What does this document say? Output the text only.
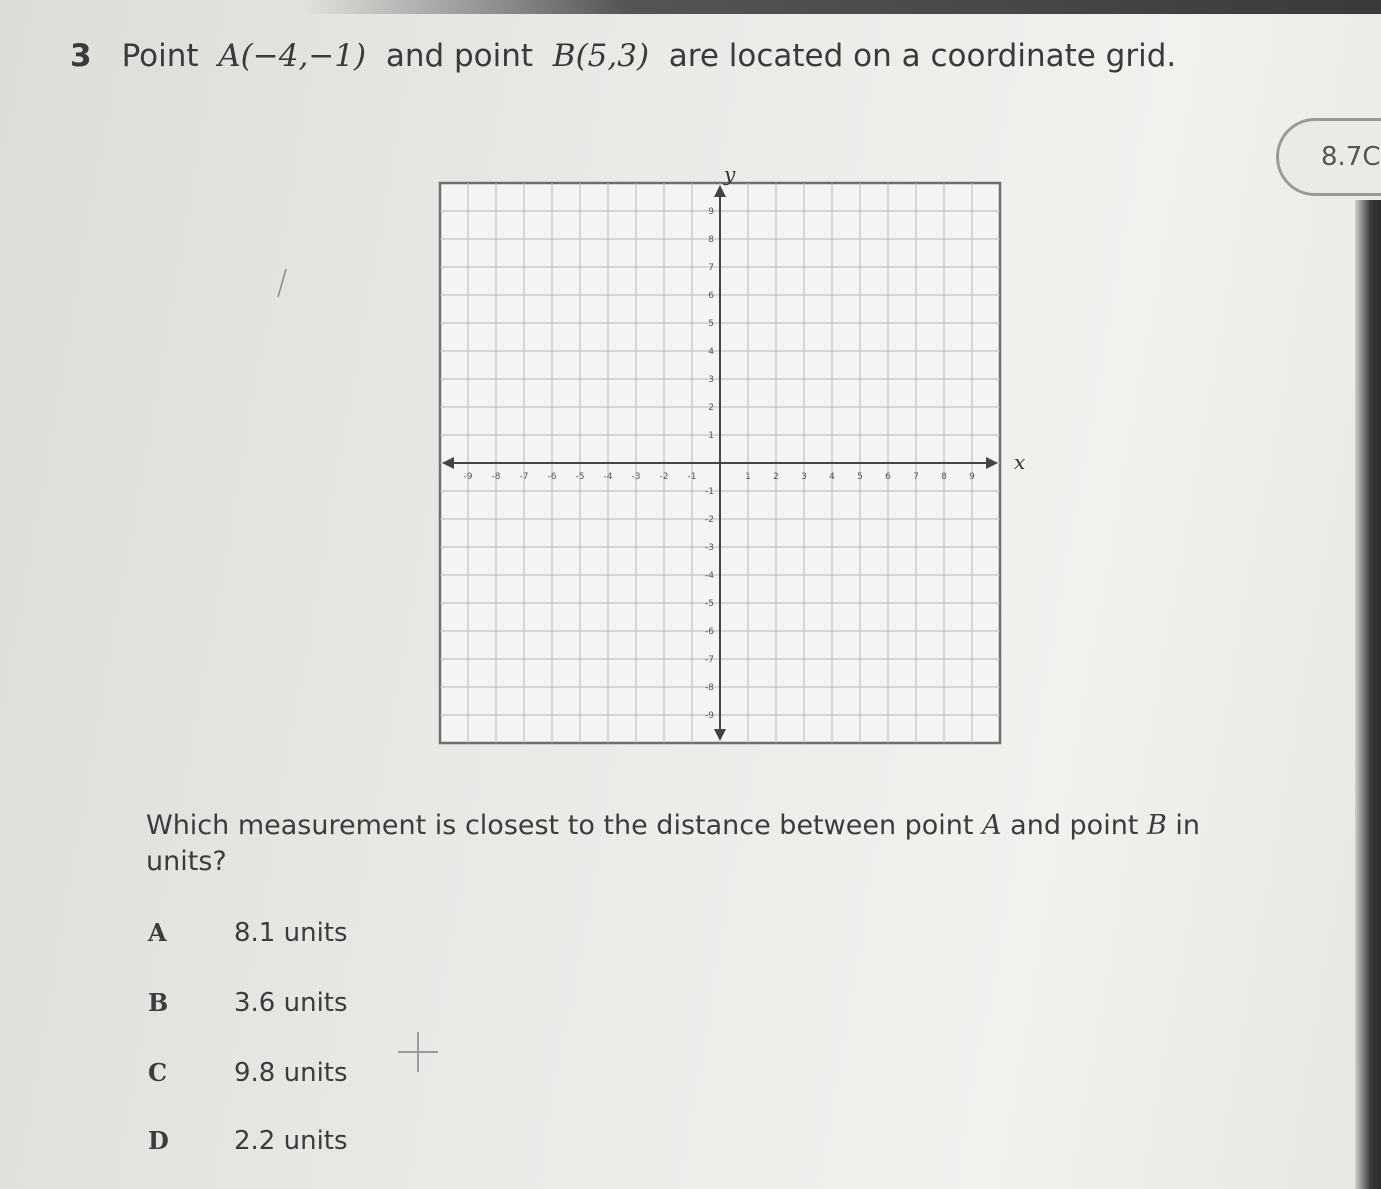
3 Point
A(−4,−1)
and point
B(5,3)
are located on a coordinate grid.
8.7C
x
y
-9 -8 -7 -6 -5 -4 -3 -2 -1	1 2 3 4 5 6 7 8 9
9
8
7
6
5
4
3
2
1
-1
-2
-3
-4
-5
-6
-7
-8
-9
Which measurement is closest to the distance between point A and point B in units?
A	8.1 units
B	3.6 units
C	9.8 units
D	2.2 units
